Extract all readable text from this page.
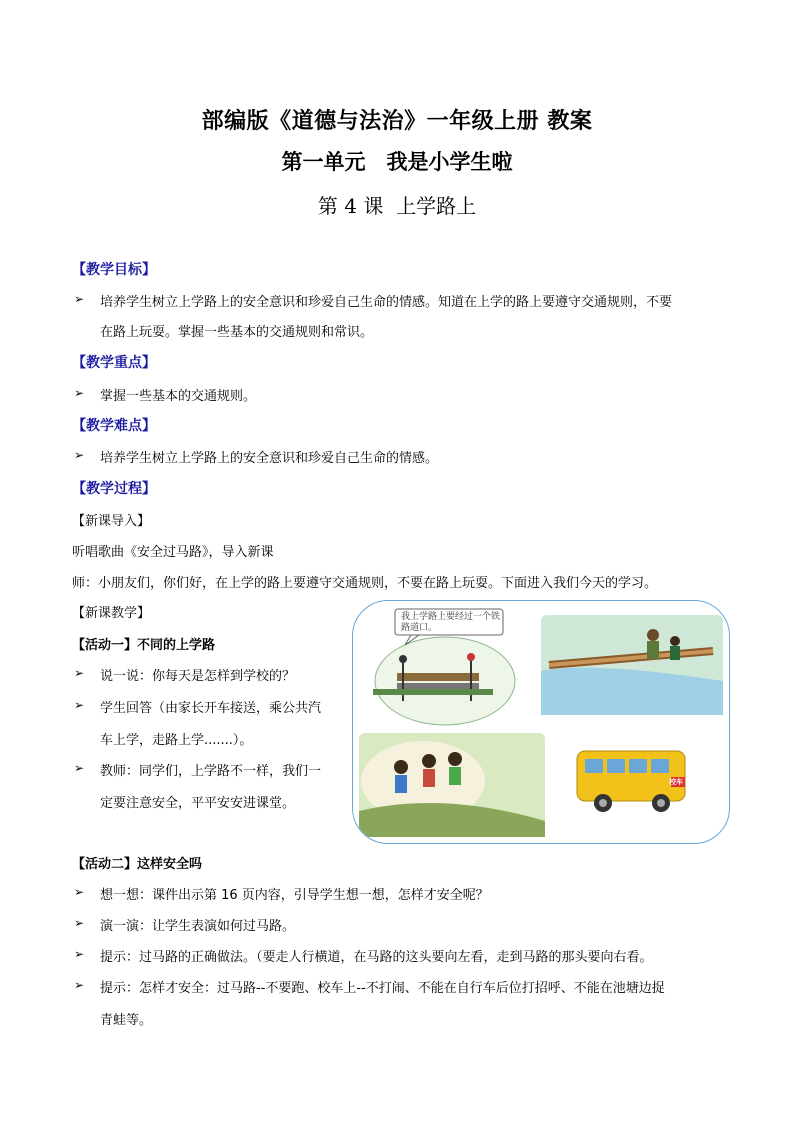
部编版《道德与法治》一年级上册 教案
第一单元　我是小学生啦
第 4 课  上学路上
【教学目标】
➢ 培养学生树立上学路上的安全意识和珍爱自己生命的情感。知道在上学的路上要遵守交通规则，不要
在路上玩耍。掌握一些基本的交通规则和常识。
【教学重点】
➢ 掌握一些基本的交通规则。
【教学难点】
➢ 培养学生树立上学路上的安全意识和珍爱自己生命的情感。
【教学过程】
【新课导入】
听唱歌曲《安全过马路》，导入新课
师：小朋友们，你们好，在上学的路上要遵守交通规则，不要在路上玩耍。下面进入我们今天的学习。
【新课教学】
【活动一】不同的上学路
➢ 说一说：你每天是怎样到学校的？
➢ 学生回答（由家长开车接送，乘公共汽
车上学，走路上学.......）。
➢ 教师：同学们，上学路不一样，我们一
定要注意安全，平平安安进课堂。
我上学路上要经过一个铁路道口。
校车
【活动二】这样安全吗
➢ 想一想：课件出示第 16 页内容，引导学生想一想，怎样才安全呢？
➢ 演一演：让学生表演如何过马路。
➢ 提示：过马路的正确做法。（要走人行横道，在马路的这头要向左看，走到马路的那头要向右看。
➢ 提示：怎样才安全：过马路--不要跑、校车上--不打闹、不能在自行车后位打招呼、不能在池塘边捉
青蛙等。
